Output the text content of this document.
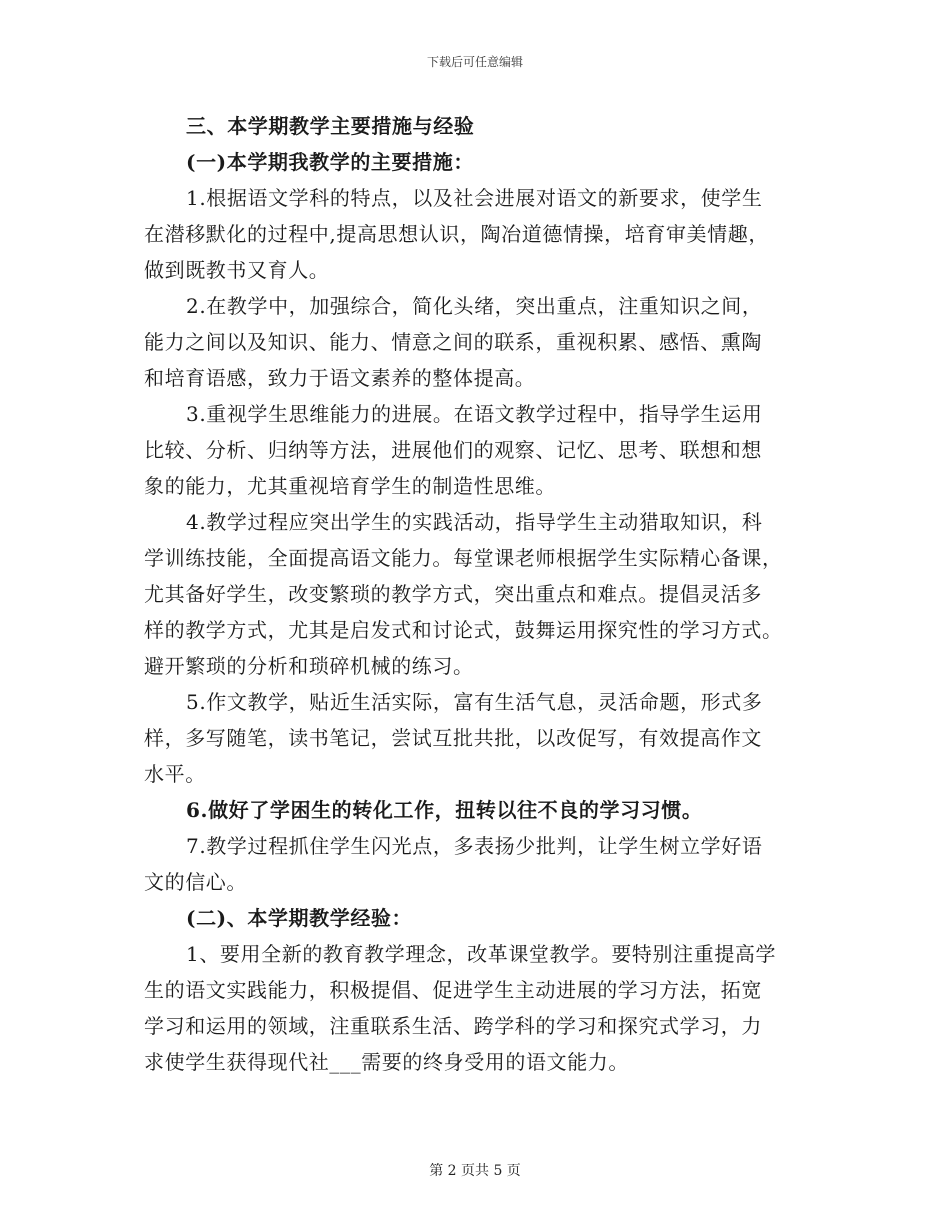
下载后可任意编辑
三、本学期教学主要措施与经验
(一)本学期我教学的主要措施：
1.根据语文学科的特点，以及社会进展对语文的新要求，使学生
在潜移默化的过程中,提高思想认识，陶冶道德情操，培育审美情趣，
做到既教书又育人。
2.在教学中，加强综合，简化头绪，突出重点，注重知识之间，
能力之间以及知识、能力、情意之间的联系，重视积累、感悟、熏陶
和培育语感，致力于语文素养的整体提高。
3.重视学生思维能力的进展。在语文教学过程中，指导学生运用
比较、分析、归纳等方法，进展他们的观察、记忆、思考、联想和想
象的能力，尤其重视培育学生的制造性思维。
4.教学过程应突出学生的实践活动，指导学生主动猎取知识，科
学训练技能，全面提高语文能力。每堂课老师根据学生实际精心备课，
尤其备好学生，改变繁琐的教学方式，突出重点和难点。提倡灵活多
样的教学方式，尤其是启发式和讨论式，鼓舞运用探究性的学习方式。
避开繁琐的分析和琐碎机械的练习。
5.作文教学，贴近生活实际，富有生活气息，灵活命题，形式多
样，多写随笔，读书笔记，尝试互批共批，以改促写，有效提高作文
水平。
6.做好了学困生的转化工作，扭转以往不良的学习习惯。
7.教学过程抓住学生闪光点，多表扬少批判，让学生树立学好语
文的信心。
(二)、本学期教学经验：
1、要用全新的教育教学理念，改革课堂教学。要特别注重提高学
生的语文实践能力，积极提倡、促进学生主动进展的学习方法，拓宽
学习和运用的领域，注重联系生活、跨学科的学习和探究式学习，力
求使学生获得现代社___需要的终身受用的语文能力。
第 2 页共 5 页
